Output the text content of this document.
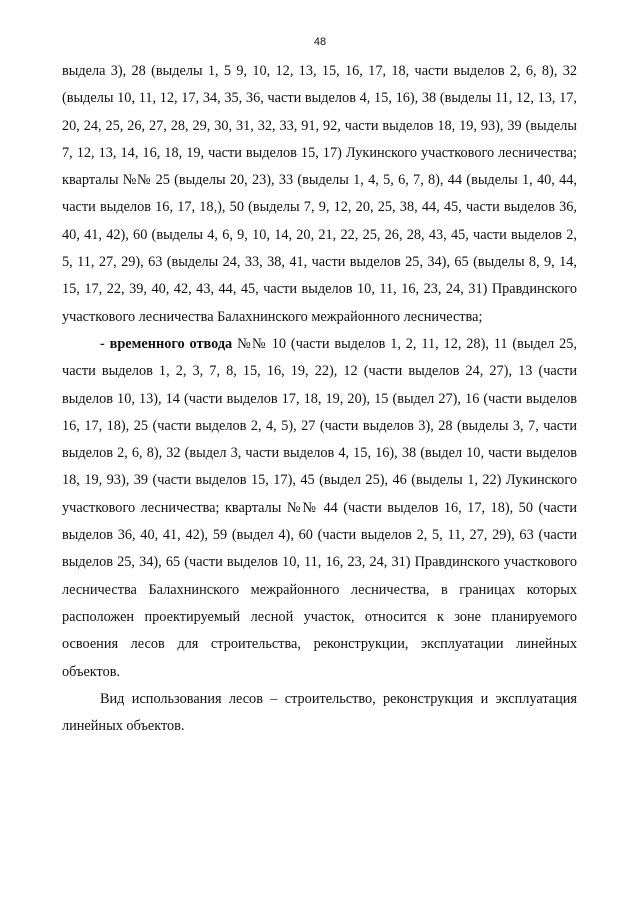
48

выдела 3), 28 (выделы 1, 5 9, 10, 12, 13, 15, 16, 17, 18, части выделов 2, 6, 8), 32 (выделы 10, 11, 12, 17, 34, 35, 36, части выделов 4, 15, 16), 38 (выделы 11, 12, 13, 17, 20, 24, 25, 26, 27, 28, 29, 30, 31, 32, 33, 91, 92, части выделов 18, 19, 93), 39 (выделы 7, 12, 13, 14, 16, 18, 19, части выделов 15, 17) Лукинского участкового лесничества; кварталы №№ 25 (выделы 20, 23), 33 (выделы 1, 4, 5, 6, 7, 8), 44 (выделы 1, 40, 44, части выделов 16, 17, 18,), 50 (выделы 7, 9, 12, 20, 25, 38, 44, 45, части выделов 36, 40, 41, 42), 60 (выделы 4, 6, 9, 10, 14, 20, 21, 22, 25, 26, 28, 43, 45, части выделов 2, 5, 11, 27, 29), 63 (выделы 24, 33, 38, 41, части выделов 25, 34), 65 (выделы 8, 9, 14, 15, 17, 22, 39, 40, 42, 43, 44, 45, части выделов 10, 11, 16, 23, 24, 31) Правдинского участкового лесничества Балахнинского межрайонного лесничества;

- временного отвода №№ 10 (части выделов 1, 2, 11, 12, 28), 11 (выдел 25, части выделов 1, 2, 3, 7, 8, 15, 16, 19, 22), 12 (части выделов 24, 27), 13 (части выделов 10, 13), 14 (части выделов 17, 18, 19, 20), 15 (выдел 27), 16 (части выделов 16, 17, 18), 25 (части выделов 2, 4, 5), 27 (части выделов 3), 28 (выделы 3, 7, части выделов 2, 6, 8), 32 (выдел 3, части выделов 4, 15, 16), 38 (выдел 10, части выделов 18, 19, 93), 39 (части выделов 15, 17), 45 (выдел 25), 46 (выделы 1, 22) Лукинского участкового лесничества; кварталы №№ 44 (части выделов 16, 17, 18), 50 (части выделов 36, 40, 41, 42), 59 (выдел 4), 60 (части выделов 2, 5, 11, 27, 29), 63 (части выделов 25, 34), 65 (части выделов 10, 11, 16, 23, 24, 31) Правдинского участкового лесничества Балахнинского межрайонного лесничества, в границах которых расположен проектируемый лесной участок, относится к зоне планируемого освоения лесов для строительства, реконструкции, эксплуатации линейных объектов.

Вид использования лесов – строительство, реконструкция и эксплуатация линейных объектов.
